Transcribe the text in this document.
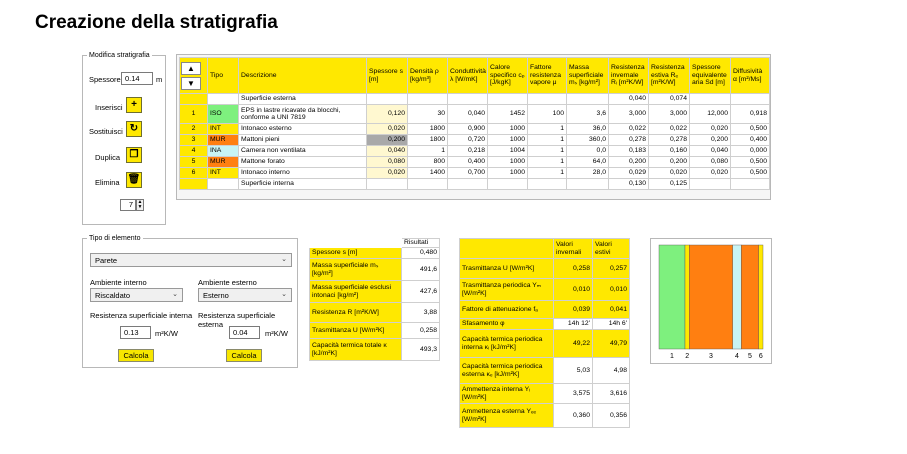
Creazione della stratigrafia
Modifica stratigrafia
Spessore 0.14	m
Inserisci +
Sostituisci ↻
Duplica ❐
Elimina 🗑
7 ▲
▼
▲
▼	Tipo	Descrizione	Spessore s [m]	Densità ρ [kg/m³]	Conduttività λ [W/mK]	Calore specifico cₚ [J/kgK]	Fattore resistenza vapore μ	Massa superficiale mₛ [kg/m²]	Resistenza invernale Rᵢ [m²K/W]	Resistenza estiva Rₑ [m²K/W]	Spessore equivalente aria Sd [m]	Diffusività α [m²/Ms]
		Superficie esterna							0,040	0,074		
1	ISO	EPS in lastre ricavate da blocchi, conforme a UNI 7819	0,120	30	0,040	1452	100	3,6	3,000	3,000	12,000	0,918
2	INT	Intonaco esterno	0,020	1800	0,900	1000	1	36,0	0,022	0,022	0,020	0,500
3	MUR	Mattoni pieni	0,200	1800	0,720	1000	1	360,0	0,278	0,278	0,200	0,400
4	INA	Camera non ventilata	0,040	1	0,218	1004	1	0,0	0,183	0,160	0,040	0,000
5	MUR	Mattone forato	0,080	800	0,400	1000	1	64,0	0,200	0,200	0,080	0,500
6	INT	Intonaco interno	0,020	1400	0,700	1000	1	28,0	0,029	0,020	0,020	0,500
		Superficie interna							0,130	0,125		
Tipo di elemento
Parete	⌄
Ambiente interno
Riscaldato	⌄
Ambiente esterno
Esterno	⌄
Resistenza superficiale interna Resistenza superficiale esterna
0.13	m²K/W	0.04	m²K/W
Calcola	Calcola
	Risultati
Spessore s [m]	0,480
Massa superficiale mₛ [kg/m²]	491,6
Massa superficiale esclusi intonaci [kg/m²]	427,6
Resistenza R [m²K/W]	3,88
Trasmittanza U [W/m²K]	0,258
Capacità termica totale κ [kJ/m²K]	493,3
	Valori invernali	Valori estivi
Trasmittanza U [W/m²K]	0,258	0,257
Trasmittanza periodica Yₘ [W/m²K]	0,010	0,010
Fattore di attenuazione fₐ	0,039	0,041
Sfasamento φ	14h 12'	14h 6'
Capacità termica periodica interna κᵢ [kJ/m²K]	49,22	49,79
Capacità termica periodica esterna κₑ [kJ/m²K]	5,03	4,98
Ammettenza interna Yᵢ [W/m²K]	3,575	3,616
Ammettenza esterna Yₑₑ [W/m²K]	0,360	0,356
1 2	3	4 5 6
